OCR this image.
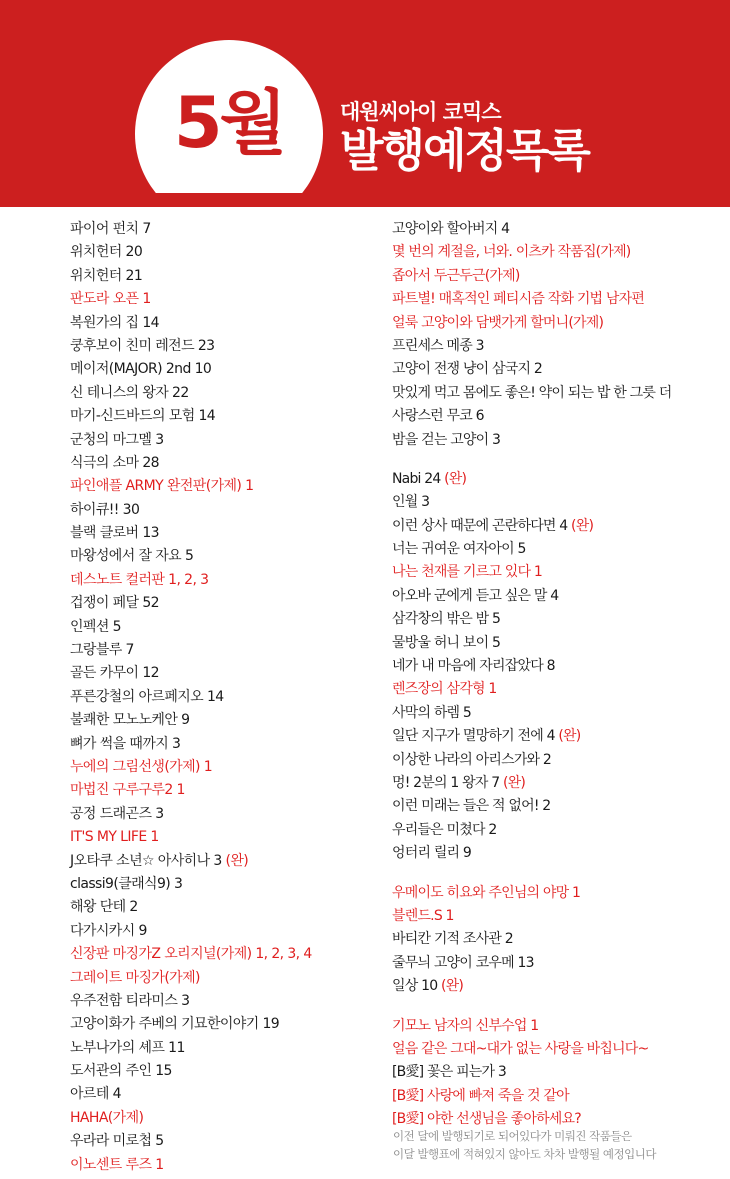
5월	대원씨아이 코믹스
발행예정목록
파이어 펀치 7
위치헌터 20
위치헌터 21
판도라 오픈 1
복원가의 집 14
쿵후보이 친미 레전드 23
메이저(MAJOR) 2nd 10
신 테니스의 왕자 22
마기-신드바드의 모험 14
군청의 마그멜 3
식극의 소마 28
파인애플 ARMY 완전판(가제) 1
하이큐!! 30
블랙 클로버 13
마왕성에서 잘 자요 5
데스노트 컬러판 1, 2, 3
겁쟁이 페달 52
인펙션 5
그랑블루 7
골든 카무이 12
푸른강철의 아르페지오 14
불쾌한 모노노케안 9
뼈가 썩을 때까지 3
누에의 그림선생(가제) 1
마법진 구루구루2 1
공정 드래곤즈 3
IT'S MY LIFE 1
J오타쿠 소년☆ 아사히나 3 (완)
classi9(클래식9) 3
해왕 단테 2
다가시카시 9
신장판 마징가Z 오리지널(가제) 1, 2, 3, 4
그레이트 마징가(가제)
우주전함 티라미스 3
고양이화가 주베의 기묘한이야기 19
노부나가의 셰프 11
도서관의 주인 15
아르테 4
HAHA(가제)
우라라 미로첩 5
이노센트 루즈 1
고양이와 할아버지 4
몇 번의 계절을, 너와. 이츠카 작품집(가제)
좁아서 두근두근(가제)
파트별! 매혹적인 페티시즘 작화 기법 남자편
얼룩 고양이와 담뱃가게 할머니(가제)
프린세스 메종 3
고양이 전쟁 냥이 삼국지 2
맛있게 먹고 몸에도 좋은! 약이 되는 밥 한 그릇 더
사랑스런 무코 6
밤을 걷는 고양이 3
Nabi 24 (완)
인월 3
이런 상사 때문에 곤란하다면 4 (완)
너는 귀여운 여자아이 5
나는 천재를 기르고 있다 1
아오바 군에게 듣고 싶은 말 4
삼각창의 밖은 밤 5
물방울 허니 보이 5
네가 내 마음에 자리잡았다 8
렌즈장의 삼각형 1
사막의 하렘 5
일단 지구가 멸망하기 전에 4 (완)
이상한 나라의 아리스가와 2
멍! 2분의 1 왕자 7 (완)
이런 미래는 들은 적 없어! 2
우리들은 미쳤다 2
엉터리 릴리 9
우메이도 히요와 주인님의 야망 1
블렌드.S 1
바티칸 기적 조사관 2
줄무늬 고양이 코우메 13
일상 10 (완)
기모노 남자의 신부수업 1
얼음 같은 그대~대가 없는 사랑을 바칩니다~
[B愛] 꽃은 피는가 3
[B愛] 사랑에 빠져 죽을 것 같아
[B愛] 야한 선생님을 좋아하세요?
이전 달에 발행되기로 되어있다가 미뤄진 작품들은
이달 발행표에 적혀있지 않아도 차차 발행될 예정입니다
